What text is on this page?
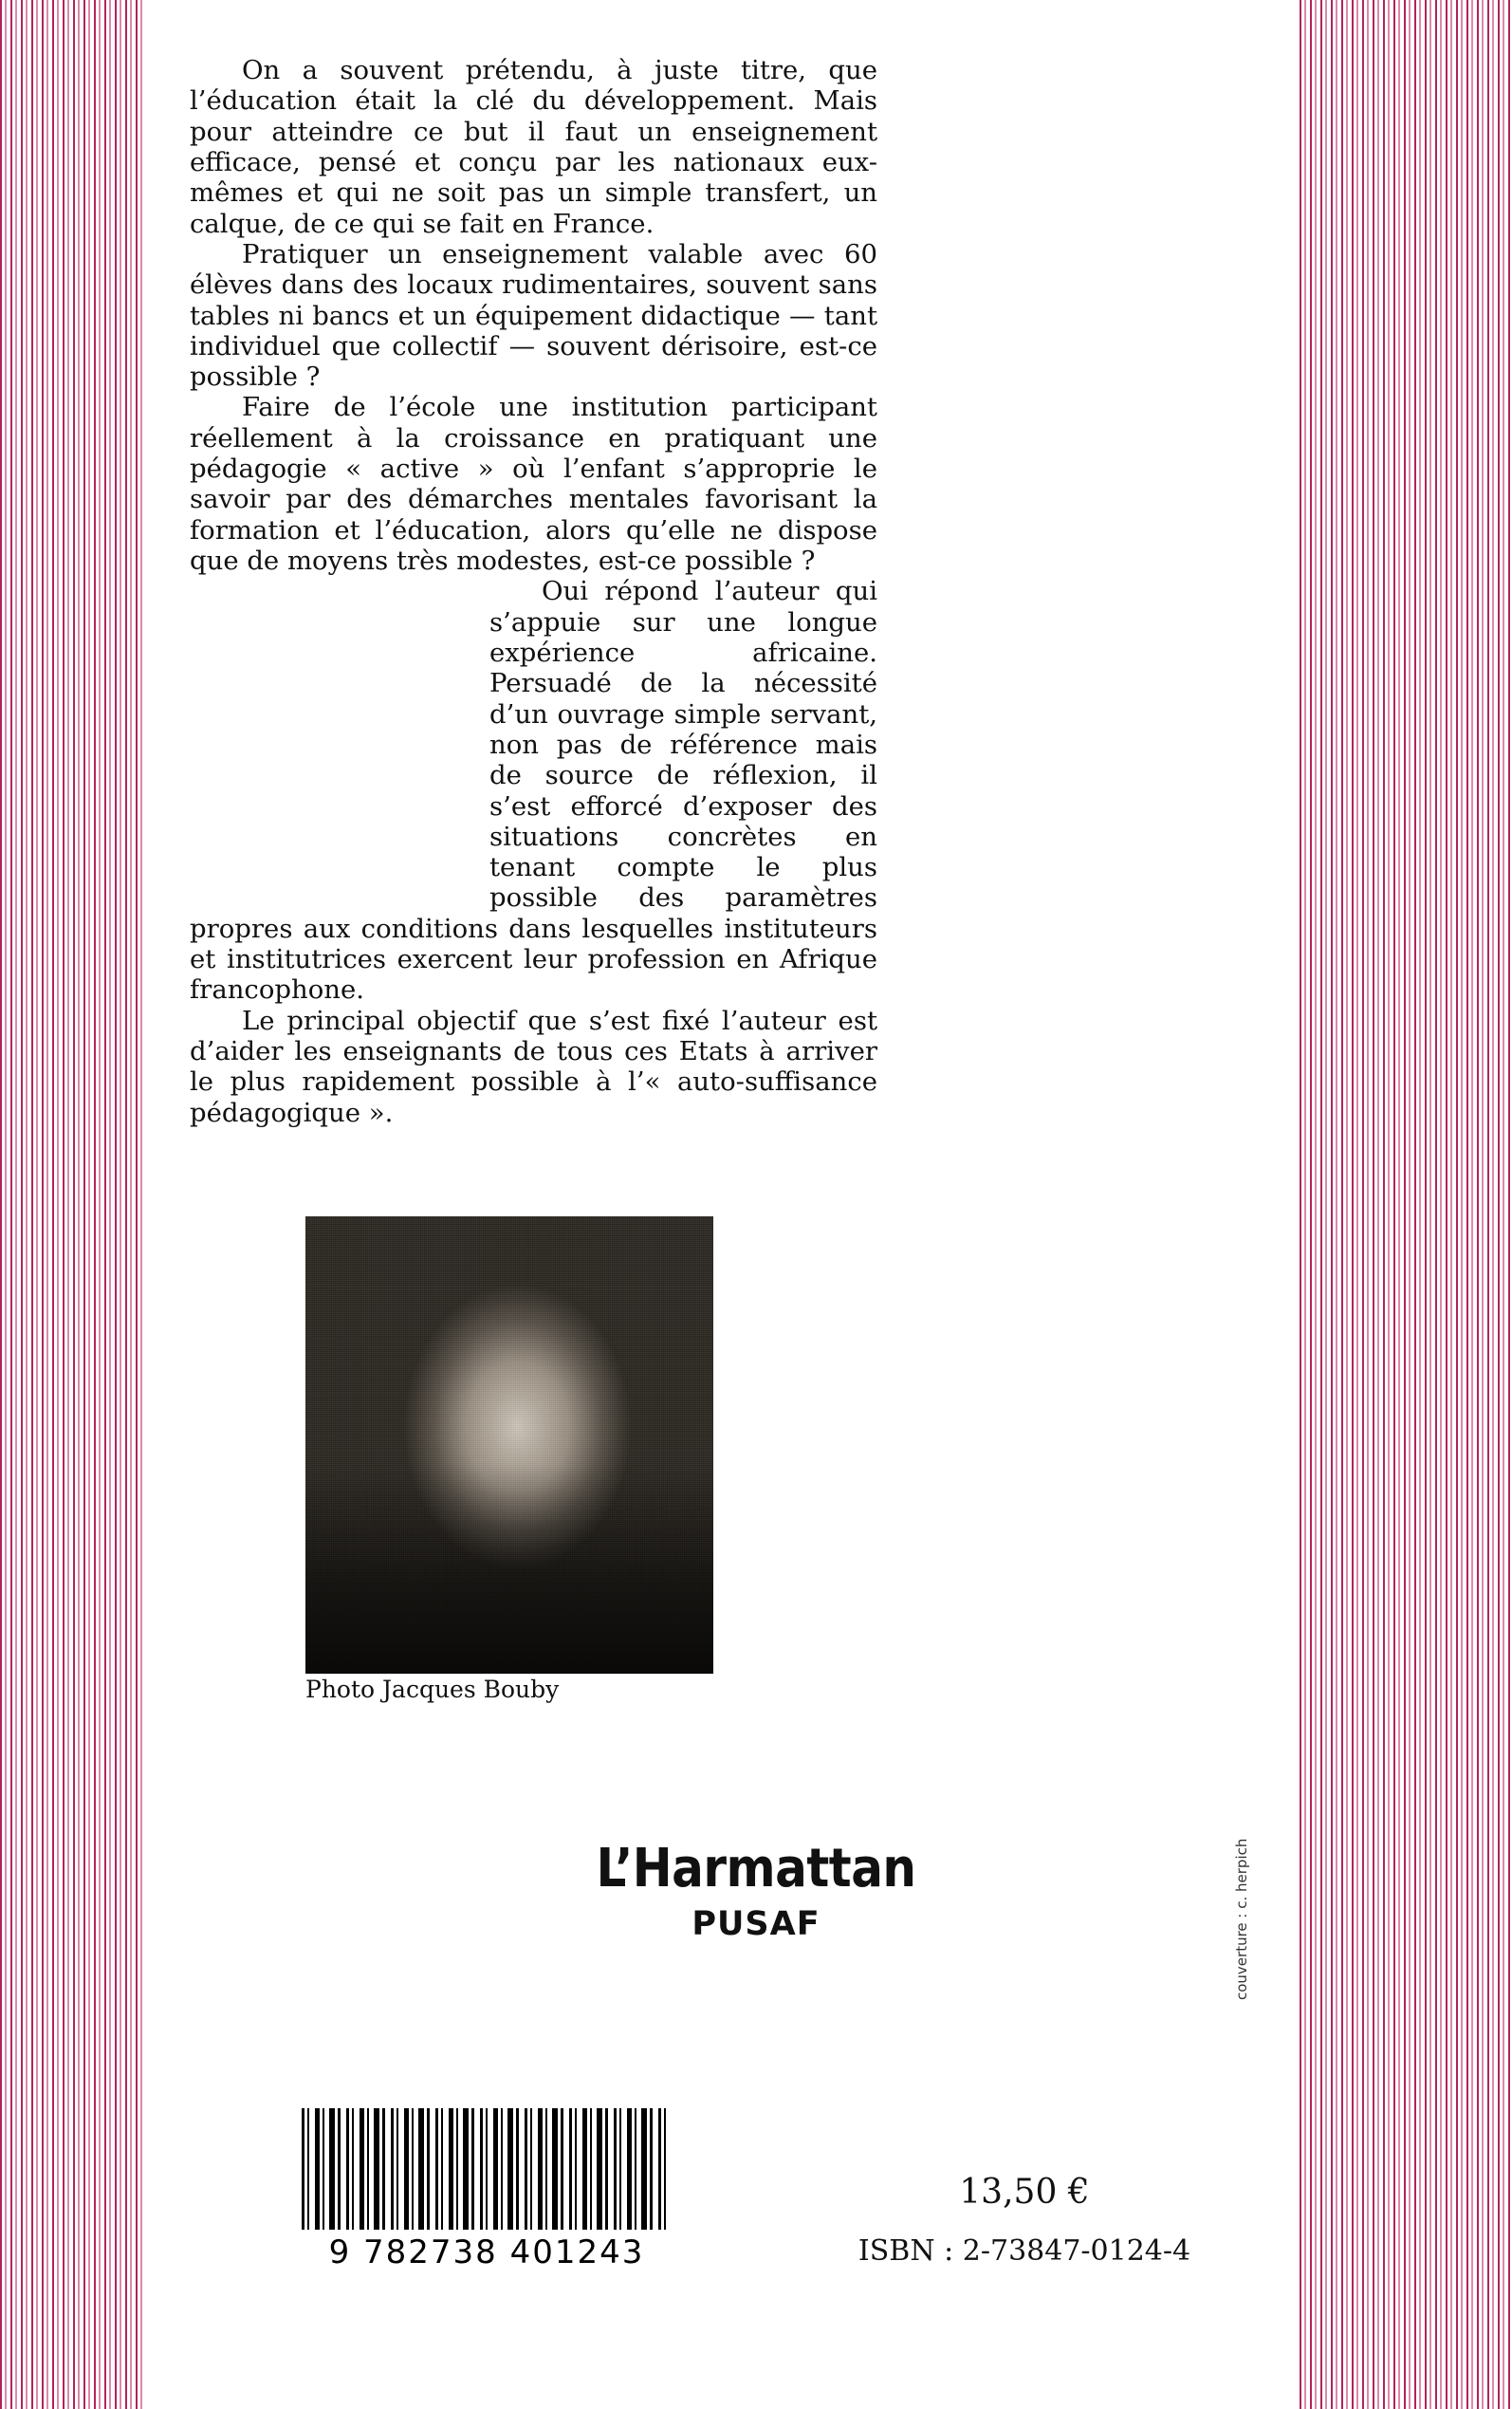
On a souvent prétendu, à juste titre, que l’éducation était la clé du développement. Mais pour atteindre ce but il faut un enseignement efficace, pensé et conçu par les nationaux eux-mêmes et qui ne soit pas un simple transfert, un calque, de ce qui se fait en France.

Pratiquer un enseignement valable avec 60 élèves dans des locaux rudimentaires, souvent sans tables ni bancs et un équipement didactique — tant individuel que collectif — souvent dérisoire, est-ce possible ?

Faire de l’école une institution participant réellement à la croissance en pratiquant une pédagogie « active » où l’enfant s’approprie le savoir par des démarches mentales favorisant la formation et l’éducation, alors qu’elle ne dispose que de moyens très modestes, est-ce possible ?

Oui répond l’auteur qui s’appuie sur une longue expérience africaine. Persuadé de la nécessité d’un ouvrage simple servant, non pas de référence mais de source de réflexion, il s’est efforcé d’exposer des situations concrètes en tenant compte le plus possible des paramètres propres aux conditions dans lesquelles instituteurs et institutrices exercent leur profession en Afrique francophone.

Le principal objectif que s’est fixé l’auteur est d’aider les enseignants de tous ces Etats à arriver le plus rapidement possible à l’« auto-suffisance pédagogique ».

Photo Jacques Bouby
L’Harmattan
PUSAF
9 782738 401243
13,50 €
ISBN : 2-73847-0124-4
couverture : c. herpich
